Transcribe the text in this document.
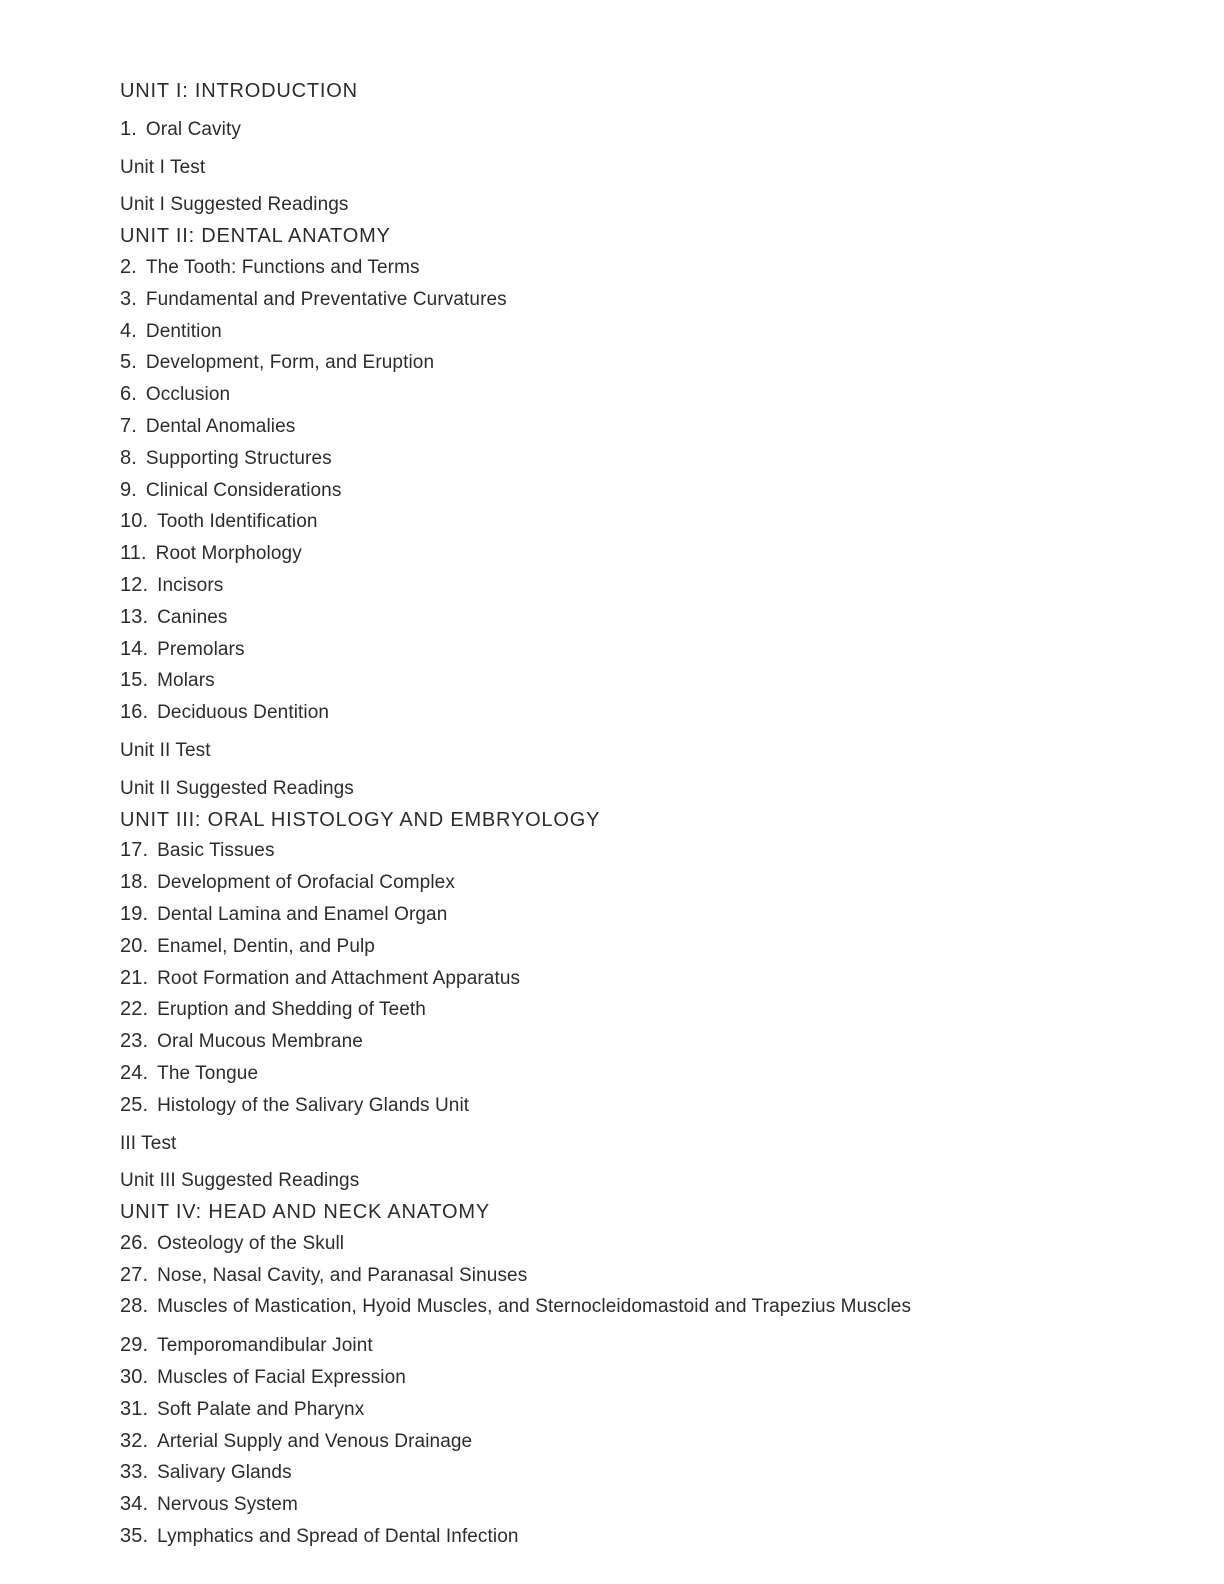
UNIT I: INTRODUCTION
1. Oral Cavity
Unit I Test
Unit I Suggested Readings
UNIT II: DENTAL ANATOMY
2. The Tooth: Functions and Terms
3. Fundamental and Preventative Curvatures
4. Dentition
5. Development, Form, and Eruption
6. Occlusion
7. Dental Anomalies
8. Supporting Structures
9. Clinical Considerations
10. Tooth Identification
11. Root Morphology
12. Incisors
13. Canines
14. Premolars
15. Molars
16. Deciduous Dentition
Unit II Test
Unit II Suggested Readings
UNIT III: ORAL HISTOLOGY AND EMBRYOLOGY
17. Basic Tissues
18. Development of Orofacial Complex
19. Dental Lamina and Enamel Organ
20. Enamel, Dentin, and Pulp
21. Root Formation and Attachment Apparatus
22. Eruption and Shedding of Teeth
23. Oral Mucous Membrane
24. The Tongue
25. Histology of the Salivary Glands Unit
III Test
Unit III Suggested Readings
UNIT IV: HEAD AND NECK ANATOMY
26. Osteology of the Skull
27. Nose, Nasal Cavity, and Paranasal Sinuses
28. Muscles of Mastication, Hyoid Muscles, and Sternocleidomastoid and Trapezius Muscles
29. Temporomandibular Joint
30. Muscles of Facial Expression
31. Soft Palate and Pharynx
32. Arterial Supply and Venous Drainage
33. Salivary Glands
34. Nervous System
35. Lymphatics and Spread of Dental Infection
